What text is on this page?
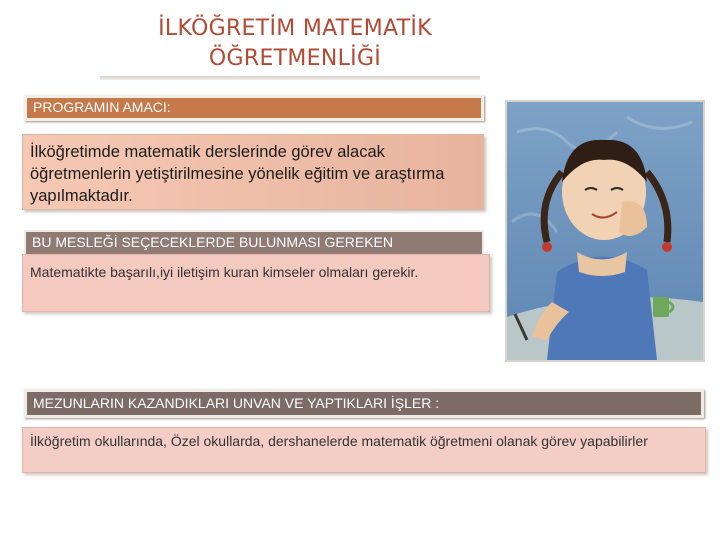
İLKÖĞRETİM MATEMATİK
ÖĞRETMENLİĞİ
PROGRAMIN AMACI:
İlköğretimde matematik derslerinde görev alacak öğretmenlerin yetiştirilmesine yönelik eğitim ve araştırma yapılmaktadır.
BU MESLEĞİ SEÇECEKLERDE BULUNMASI GEREKEN
Matematikte başarılı,iyi iletişim kuran kimseler olmaları gerekir.
MEZUNLARIN KAZANDIKLARI UNVAN VE YAPTIKLARI İŞLER :
İlköğretim okullarında, Özel okullarda, dershanelerde matematik öğretmeni olanak görev yapabilirler
